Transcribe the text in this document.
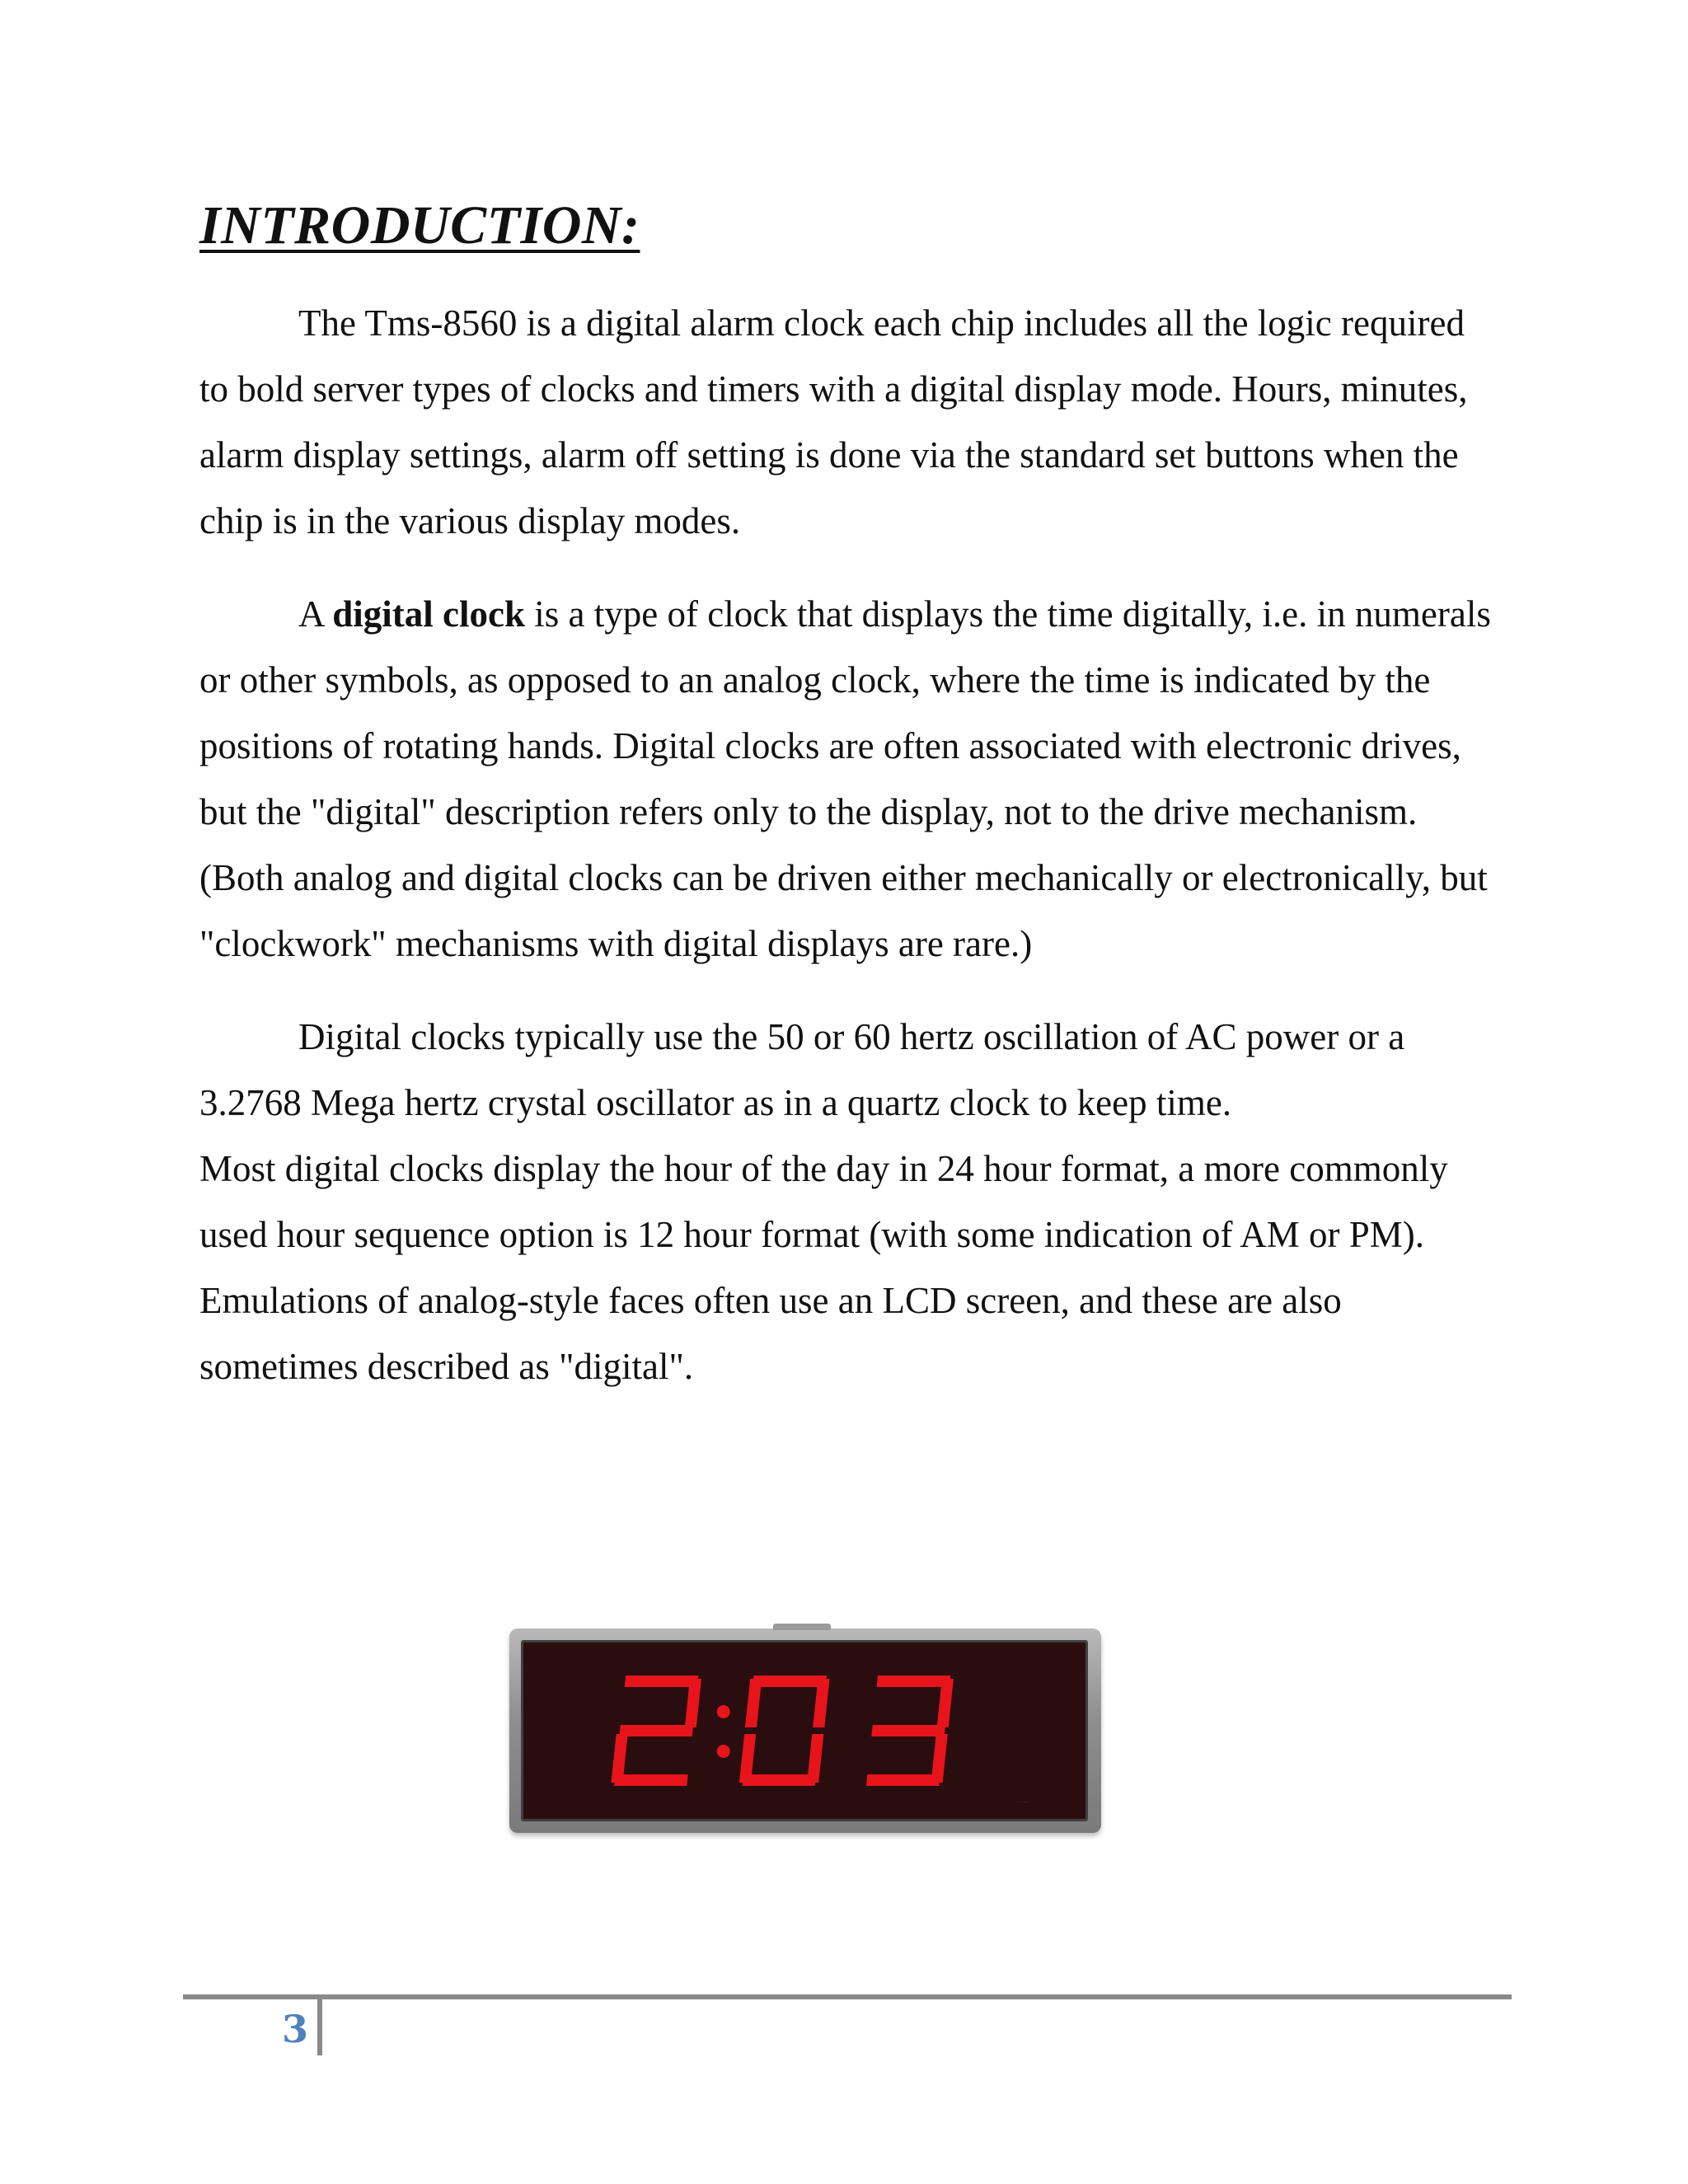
INTRODUCTION:

The Tms-8560 is a digital alarm clock each chip includes all the logic required to bold server types of clocks and timers with a digital display mode. Hours, minutes, alarm display settings, alarm off setting is done via the standard set buttons when the chip is in the various display modes.

A digital clock is a type of clock that displays the time digitally, i.e. in numerals or other symbols, as opposed to an analog clock, where the time is indicated by the positions of rotating hands. Digital clocks are often associated with electronic drives, but the "digital" description refers only to the display, not to the drive mechanism. (Both analog and digital clocks can be driven either mechanically or electronically, but "clockwork" mechanisms with digital displays are rare.)

Digital clocks typically use the 50 or 60 hertz oscillation of AC power or a 3.2768 Mega hertz crystal oscillator as in a quartz clock to keep time.

Most digital clocks display the hour of the day in 24 hour format, a more commonly used hour sequence option is 12 hour format (with some indication of AM or PM). Emulations of analog-style faces often use an LCD screen, and these are also sometimes described as "digital".

·····
3
